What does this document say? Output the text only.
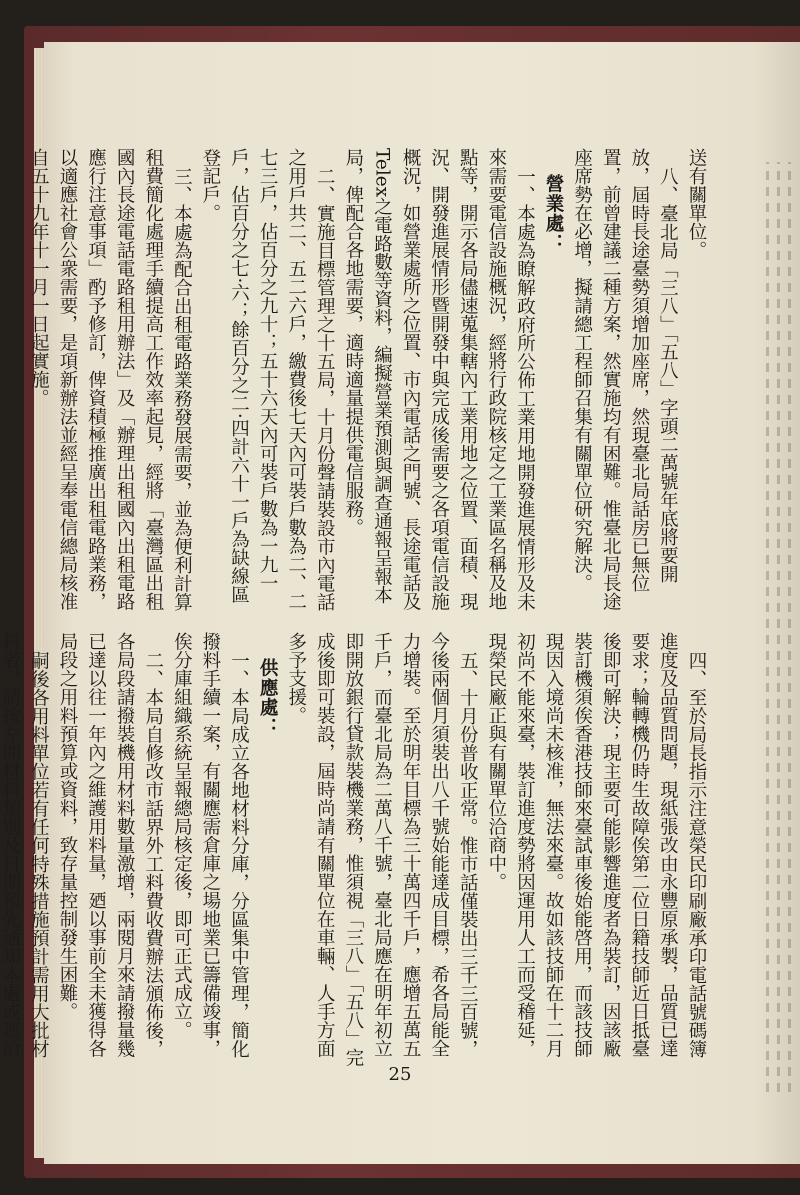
送有關單位。
八、臺北局「三八」「五八」字頭二萬號年底將要開放，屆時長途臺勢須增加座席，然現臺北局話房已無位置，前曾建議二種方案，然實施均有困難。惟臺北局長途座席勢在必增，擬請總工程師召集有關單位研究解決。
營業處：
一、本處為瞭解政府所公佈工業用地開發進展情形及未來需要電信設施概況，經將行政院核定之工業區名稱及地點等，開示各局儘速蒐集轄內工業用地之位置、面積、現況、開發進展情形暨開發中與完成後需要之各項電信設施概況，如營業處所之位置、市內電話之門號、長途電話及Telex之電路數等資料，編擬營業預測與調查通報呈報本局，俾配合各地需要，適時適量提供電信服務。
二、實施目標管理之十五局，十月份聲請裝設市內電話之用戶共二、五二六戶，繳費後七天內可裝戶數為二、二七三戶，佔百分之九十；五十六天內可裝戶數為一九一戶，佔百分之七·六；餘百分之二·四計六十一戶為缺線區登記戶。
三、本處為配合出租電路業務發展需要，並為便利計算租費簡化處理手續提高工作效率起見，經將「臺灣區出租國內長途電話電路租用辦法」及「辦理出租國內出租電路應行注意事項」酌予修訂，俾資積極推廣出租電路業務，以適應社會公衆需要，是項新辦法並經呈奉電信總局核准自五十九年十一月一日起實施。
四、至於局長指示注意榮民印刷廠承印電話號碼簿進度及品質問題，現紙張改由永豐原承製，品質已達要求；輪轉機仍時生故障俟第二位日籍技師近日抵臺後即可解決；現主要可能影響進度者為裝訂，因該廠裝訂機須俟香港技師來臺試車後始能啓用，而該技師現因入境尚未核准，無法來臺。故如該技師在十二月初尚不能來臺，裝訂進度勢將因運用人工而受稽延，現榮民廠正與有關單位洽商中。
五、十月份普收正常。惟市話僅裝出三千三百號，今後兩個月須裝出八千號始能達成目標，希各局能全力增裝。至於明年目標為三十萬四千戶，應增五萬五千戶，而臺北局為二萬八千號，臺北局應在明年初立即開放銀行貸款裝機業務，惟須視「三八」「五八」完成後即可裝設，屆時尚請有關單位在車輛、人手方面多予支援。
供應處：
一、本局成立各地材料分庫，分區集中管理，簡化撥料手續一案，有關應需倉庫之場地業已籌備竣事，俟分庫組織系統呈報總局核定後，即可正式成立。
二、本局自修改市話界外工料費收費辦法頒佈後，各局段請撥裝機用材料數量激增，兩閱月來請撥量幾已達以往一年內之維護用料量，廼以事前全未獲得各局段之用料預算或資料，致存量控制發生困難。
嗣後各用料單位若有任何特殊措施預計需用大批材料者，請按左開材料類別及日期預先通知本處或逕洽
25
